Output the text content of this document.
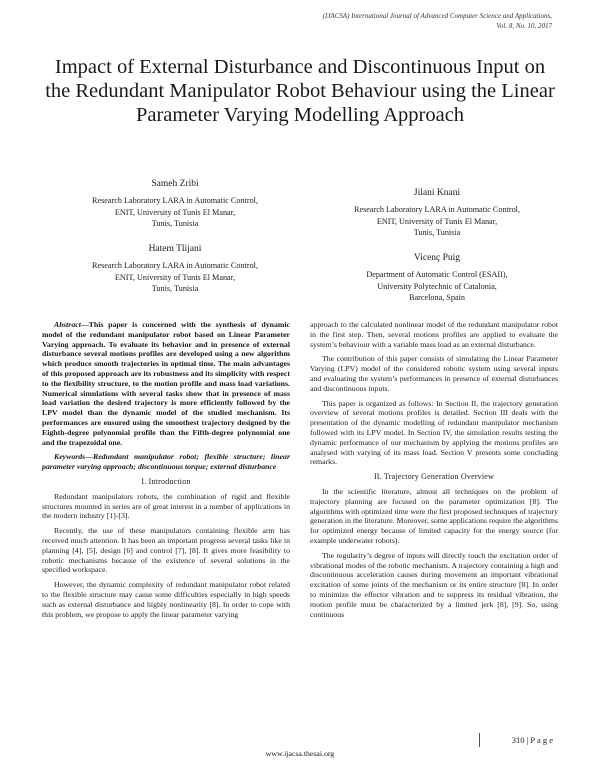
(IJACSA) International Journal of Advanced Computer Science and Applications,
Vol. 8, No. 10, 2017
Impact of External Disturbance and Discontinuous Input on the Redundant Manipulator Robot Behaviour using the Linear Parameter Varying Modelling Approach
Sameh Zribi
Research Laboratory LARA in Automatic Control,
ENIT, University of Tunis El Manar,
Tunis, Tunisia
Hatem Tlijani
Research Laboratory LARA in Automatic Control,
ENIT, University of Tunis El Manar,
Tunis, Tunisia
Jilani Knani
Research Laboratory LARA in Automatic Control,
ENIT, University of Tunis El Manar,
Tunis, Tunisia
Vicenç Puig
Department of Automatic Control (ESAII),
University Polytechnic of Catalonia,
Barcelona, Spain

Abstract—This paper is concerned with the synthesis of dynamic model of the redundant manipulator robot based on Linear Parameter Varying approach. To evaluate its behavior and in presence of external disturbance several motions profiles are developed using a new algorithm which produce smooth trajectories in optimal time. The main advantages of this proposed approach are its robustness and its simplicity with respect to the flexibility structure, to the motion profile and mass load variations. Numerical simulations with several tasks show that in presence of mass load variation the desired trajectory is more efficiently followed by the LPV model than the dynamic model of the studied mechanism. Its performances are ensured using the smoothest trajectory designed by the Eighth-degree polynomial profile than the Fifth-degree polynomial one and the trapezoidal one.

Keywords—Redundant manipulator robot; flexible structure; linear parameter varying approach; discontinuous torque; external disturbance

I. Introduction

Redundant manipulators robots, the combination of rigid and flexible structures mounted in series are of great interest in a number of applications in the modern industry [1]-[3].

Recently, the use of these manipulators containing flexible arm has received much attention. It has been an important progress several tasks like in planning [4], [5], design [6] and control [7], [8]. It gives more feasibility to robotic mechanisms because of the existence of several solutions in the specified workspace.

However, the dynamic complexity of redundant manipulator robot related to the flexible structure may cause some difficulties especially in high speeds such as external disturbance and highly nonlinearity [8]. In order to cope with this problem, we propose to apply the linear parameter varying

approach to the calculated nonlinear model of the redundant manipulator robot in the first step. Then, several motions profiles are applied to evaluate the system’s behaviour with a variable mass load as an external disturbance.

The contribution of this paper consists of simulating the Linear Parameter Varying (LPV) model of the considered robotic system using several inputs and evaluating the system’s performances in presence of external disturbances and discontinuous inputs.

This paper is organized as follows: In Section II, the trajectory generation overview of several motions profiles is detailed. Section III deals with the presentation of the dynamic modelling of redundant manipulator mechanism followed with its LPV model. In Section IV, the simulation results testing the dynamic performance of our mechanism by applying the motions profiles are analysed with varying of its mass load. Section V presents some concluding remarks.

II. Trajectory Generation Overview

In the scientific literature, almost all techniques on the problem of trajectory planning are focused on the parameter optimization [8]. The algorithms with optimized time were the first proposed techniques of trajectory generation in the literature. Moreover, some applications require the algorithms for optimized energy because of limited capacity for the energy source (for example underwater robots).

The regularity’s degree of inputs will directly touch the excitation order of vibrational modes of the robotic mechanism. A trajectory containing a high and discontinuous acceleration causes during movement an important vibrational excitation of some joints of the mechanism or its entire structure [8]. In order to minimize the effector vibration and to suppress its residual vibration, the motion profile must be characterized by a limited jerk [8], [9]. So, using continuous

310 | P a g e
www.ijacsa.thesai.org
